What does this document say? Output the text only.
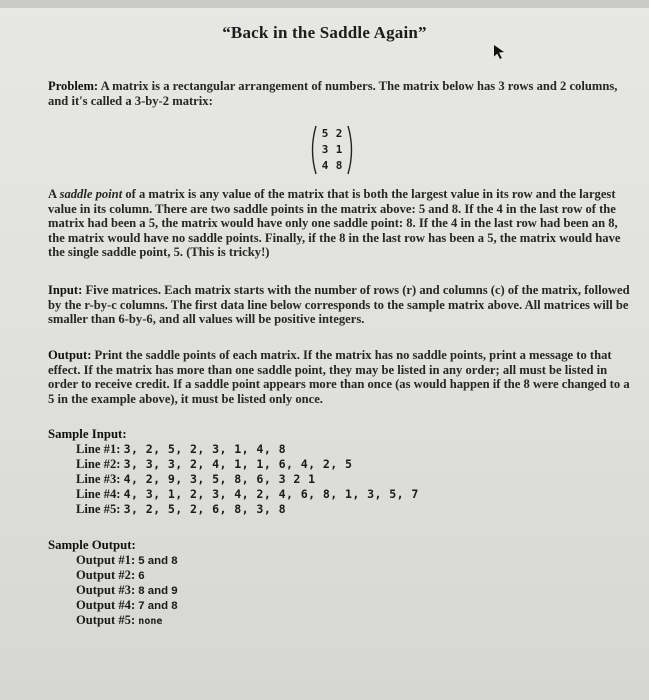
“Back in the Saddle Again”
Problem: A matrix is a rectangular arrangement of numbers. The matrix below has 3 rows and 2 columns, and it's called a 3-by-2 matrix:
5 2
3 1
4 8
A saddle point of a matrix is any value of the matrix that is both the largest value in its row and the largest value in its column. There are two saddle points in the matrix above: 5 and 8. If the 4 in the last row of the matrix had been a 5, the matrix would have only one saddle point: 8. If the 4 in the last row had been an 8, the matrix would have no saddle points. Finally, if the 8 in the last row has been a 5, the matrix would have the single saddle point, 5. (This is tricky!)
Input: Five matrices. Each matrix starts with the number of rows (r) and columns (c) of the matrix, followed by the r-by-c columns. The first data line below corresponds to the sample matrix above. All matrices will be smaller than 6-by-6, and all values will be positive integers.
Output: Print the saddle points of each matrix. If the matrix has no saddle points, print a message to that effect. If the matrix has more than one saddle point, they may be listed in any order; all must be listed in order to receive credit. If a saddle point appears more than once (as would happen if the 8 were changed to a 5 in the example above), it must be listed only once.
Sample Input:
Line #1: 3, 2, 5, 2, 3, 1, 4, 8
Line #2: 3, 3, 3, 2, 4, 1, 1, 6, 4, 2, 5
Line #3: 4, 2, 9, 3, 5, 8, 6, 3 2 1
Line #4: 4, 3, 1, 2, 3, 4, 2, 4, 6, 8, 1, 3, 5, 7
Line #5: 3, 2, 5, 2, 6, 8, 3, 8
Sample Output:
Output #1: 5 and 8
Output #2: 6
Output #3: 8 and 9
Output #4: 7 and 8
Output #5: none
